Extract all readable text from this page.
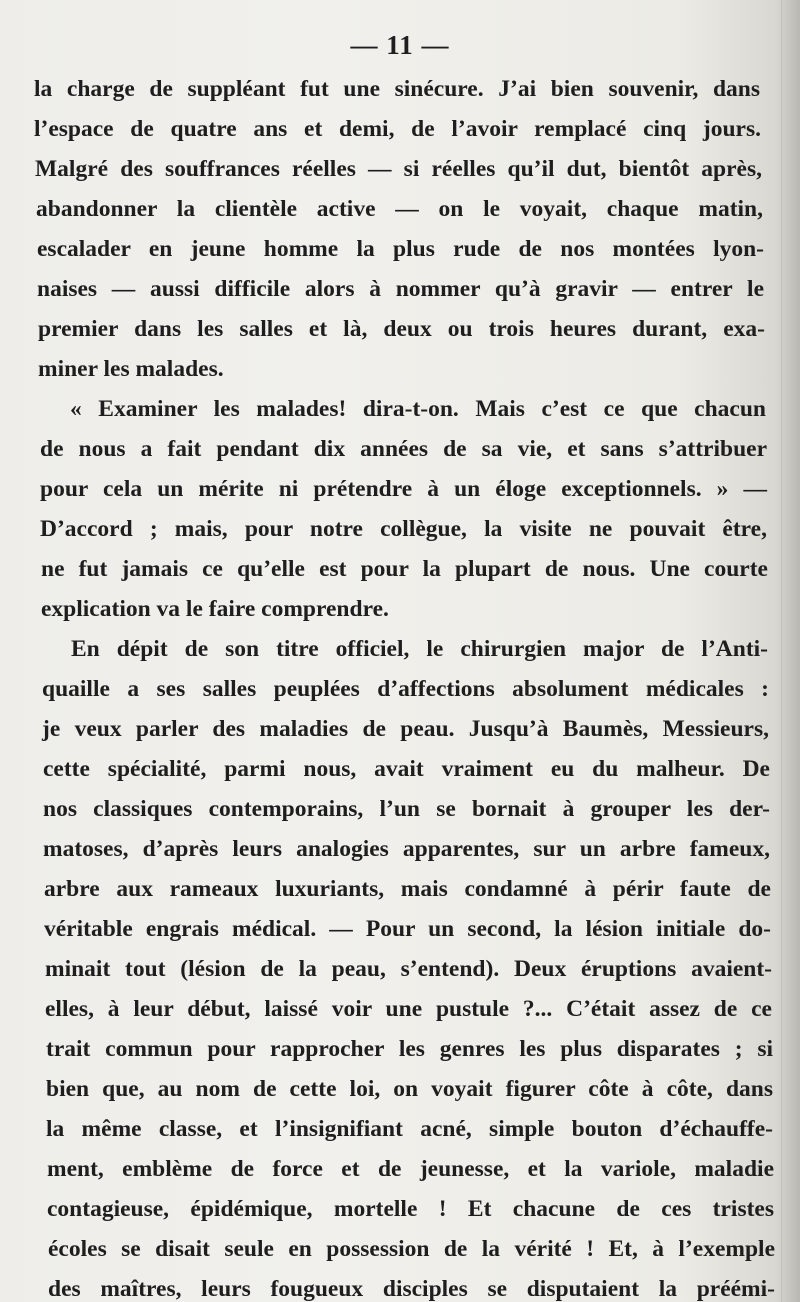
— 11 —
la charge de suppléant fut une sinécure. J’ai bien souvenir, dans
l’espace de quatre ans et demi, de l’avoir remplacé cinq jours.
Malgré des souffrances réelles — si réelles qu’il dut, bientôt après,
abandonner la clientèle active — on le voyait, chaque matin,
escalader en jeune homme la plus rude de nos montées lyon-
naises — aussi difficile alors à nommer qu’à gravir — entrer le
premier dans les salles et là, deux ou trois heures durant, exa-
miner les malades.
« Examiner les malades! dira-t-on. Mais c’est ce que chacun
de nous a fait pendant dix années de sa vie, et sans s’attribuer
pour cela un mérite ni prétendre à un éloge exceptionnels. » —
D’accord ; mais, pour notre collègue, la visite ne pouvait être,
ne fut jamais ce qu’elle est pour la plupart de nous. Une courte
explication va le faire comprendre.
En dépit de son titre officiel, le chirurgien major de l’Anti-
quaille a ses salles peuplées d’affections absolument médicales :
je veux parler des maladies de peau. Jusqu’à Baumès, Messieurs,
cette spécialité, parmi nous, avait vraiment eu du malheur. De
nos classiques contemporains, l’un se bornait à grouper les der-
matoses, d’après leurs analogies apparentes, sur un arbre fameux,
arbre aux rameaux luxuriants, mais condamné à périr faute de
véritable engrais médical. — Pour un second, la lésion initiale do-
minait tout (lésion de la peau, s’entend). Deux éruptions avaient-
elles, à leur début, laissé voir une pustule ?... C’était assez de ce
trait commun pour rapprocher les genres les plus disparates ; si
bien que, au nom de cette loi, on voyait figurer côte à côte, dans
la même classe, et l’insignifiant acné, simple bouton d’échauffe-
ment, emblème de force et de jeunesse, et la variole, maladie
contagieuse, épidémique, mortelle ! Et chacune de ces tristes
écoles se disait seule en possession de la vérité ! Et, à l’exemple
des maîtres, leurs fougueux disciples se disputaient la préémi-
